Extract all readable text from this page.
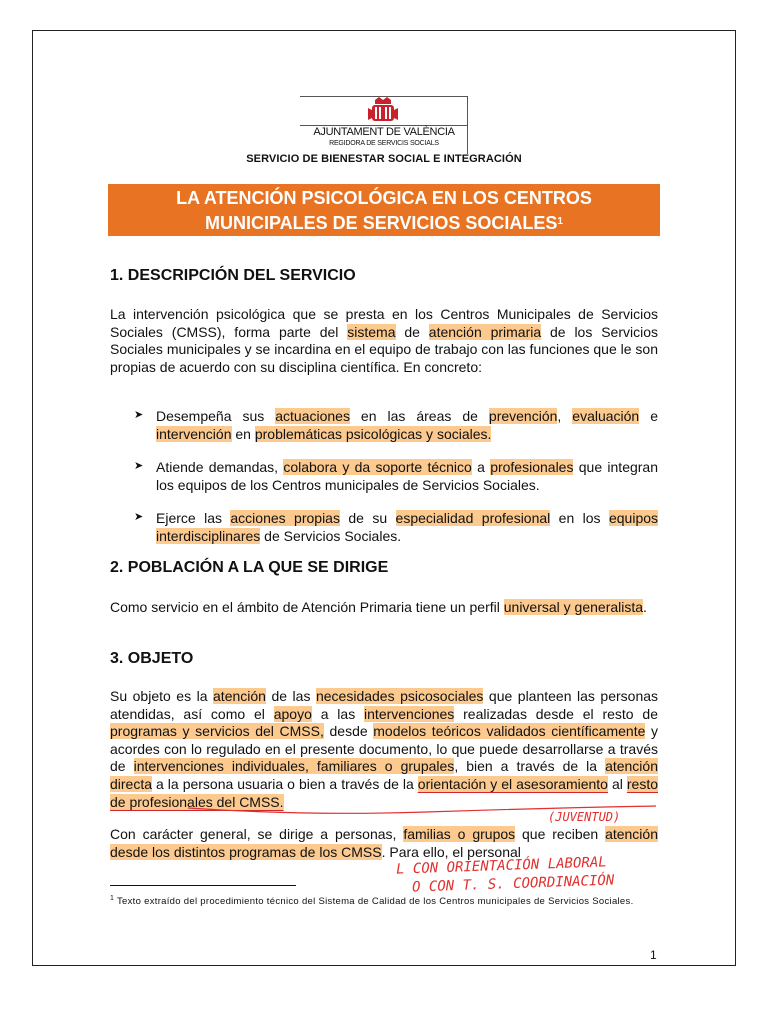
AJUNTAMENT DE VALÈNCIA
REGIDORA DE SERVICIS SOCIALS
SERVICIO DE BIENESTAR SOCIAL E INTEGRACIÓN
LA ATENCIÓN PSICOLÓGICA EN LOS CENTROS
MUNICIPALES DE SERVICIOS SOCIALES$^1$
1. DESCRIPCIÓN DEL SERVICIO

La intervención psicológica que se presta en los Centros Municipales de Servicios Sociales (CMSS), forma parte del sistema de atención primaria de los Servicios Sociales municipales y se incardina en el equipo de trabajo con las funciones que le son propias de acuerdo con su disciplina científica. En concreto:

➤ Desempeña sus actuaciones en las áreas de prevención, evaluación e intervención en problemáticas psicológicas y sociales.
➤ Atiende demandas, colabora y da soporte técnico a profesionales que integran los equipos de los Centros municipales de Servicios Sociales.
➤ Ejerce las acciones propias de su especialidad profesional en los equipos interdisciplinares de Servicios Sociales.
2. POBLACIÓN A LA QUE SE DIRIGE

Como servicio en el ámbito de Atención Primaria tiene un perfil universal y generalista.

3. OBJETO

Su objeto es la atención de las necesidades psicosociales que planteen las personas atendidas, así como el apoyo a las intervenciones realizadas desde el resto de programas y servicios del CMSS, desde modelos teóricos validados científicamente y acordes con lo regulado en el presente documento, lo que puede desarrollarse a través de intervenciones individuales, familiares o grupales, bien a través de la atención directa a la persona usuaria o bien a través de la orientación y el asesoramiento al resto de profesionales del CMSS.

(JUVENTUD)

Con carácter general, se dirige a personas, familias o grupos que reciben atención desde los distintos programas de los CMSS. Para ello, el personal

L CON ORIENTACIÓN LABORAL
O CON T. S. COORDINACIÓN

$^1$ Texto extraído del procedimiento técnico del Sistema de Calidad de los Centros municipales de Servicios Sociales.

1
